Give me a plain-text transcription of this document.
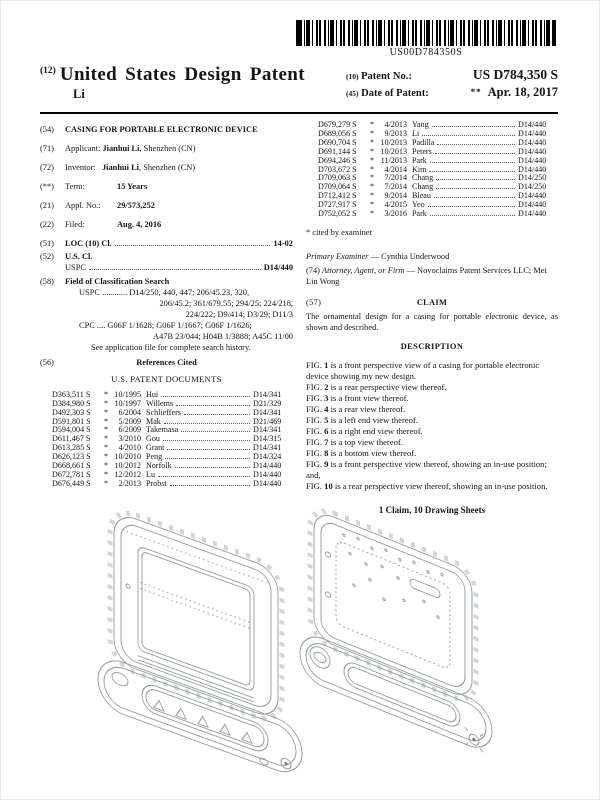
US00D784350S
$^{(12)}$ United States Design Patent
Li
(10) Patent No.:	US D784,350 S
(45) Date of Patent:	** Apr. 18, 2017
(54)	CASING FOR PORTABLE ELECTRONIC DEVICE
(71)	Applicant: Jianhui Li, Shenzhen (CN)
(72)	Inventor: Jianhui Li, Shenzhen (CN)
(**)	Term:	15 Years
(21)	Appl. No.: 29/573,252
(22)	Filed:	Aug. 4, 2016
(51)	LOC (10) Cl.	14-02
(52)	U.S. Cl.
USPC	D14/440
(58)	Field of Classification Search
USPC ............ D14/250, 440, 447; 206/45.23, 320,
206/45.2; 361/679.55; 294/25; 224/218,
224/222; D9/414; D3/29; D11/3
CPC .... G06F 1/1628; G06F 1/1667; G06F 1/1626;
A47B 23/044; H04B 1/3888; A45C 11/00
See application file for complete search history.
(56)	References Cited
U.S. PATENT DOCUMENTS
D363,511 S	* 10/1995 Hui	D14/341
D384,980 S	* 10/1997 Willems	D21/329
D492,303 S	*	6/2004 Schlieffers	D14/341
D591,801 S	*	5/2009 Mak	D21/469
D594,004 S	*	6/2009 Takemasa	D14/341
D611,467 S	*	3/2010 Gou	D14/315
D613,285 S	*	4/2010 Grant	D14/341
D626,123 S	* 10/2010 Peng	D14/324
D668,661 S	* 10/2012 Norfolk	D14/440
D672,781 S	* 12/2012 Lu	D14/440
D676,449 S	*	2/2013 Probst	D14/440
D679,279 S	*	4/2013 Yang	D14/440
D689,056 S	*	9/2013 Li	D14/440
D690,704 S	* 10/2013 Padilla	D14/440
D691,144 S	* 10/2013 Peters	D14/440
D694,246 S	* 11/2013 Park	D14/440
D703,672 S	*	4/2014 Kim	D14/440
D709,063 S	*	7/2014 Chang	D14/250
D709,064 S	*	7/2014 Chang	D14/250
D712,412 S	*	9/2014 Bleau	D14/440
D727,917 S	*	4/2015 Yeo	D14/440
D752,052 S	*	3/2016 Park	D14/440
* cited by examiner
Primary Examiner — Cynthia Underwood
(74) Attorney, Agent, or Firm — Novoclaims Patent Services LLC; Mei Lin Wong
(57)	CLAIM
The ornamental design for a casing for portable electronic device, as shown and described.
DESCRIPTION
FIG. 1 is a front perspective view of a casing for portable electronic device showing my new design.
FIG. 2 is a rear perspective view thereof.
FIG. 3 is a front view thereof.
FIG. 4 is a rear view thereof.
FIG. 5 is a left end view thereof.
FIG. 6 is a right end view thereof.
FIG. 7 is a top view thereof.
FIG. 8 is a bottom view thereof.
FIG. 9 is a front perspective view thereof, showing an in-use position; and,
FIG. 10 is a rear perspective view thereof, showing an in-use position.
1 Claim, 10 Drawing Sheets
